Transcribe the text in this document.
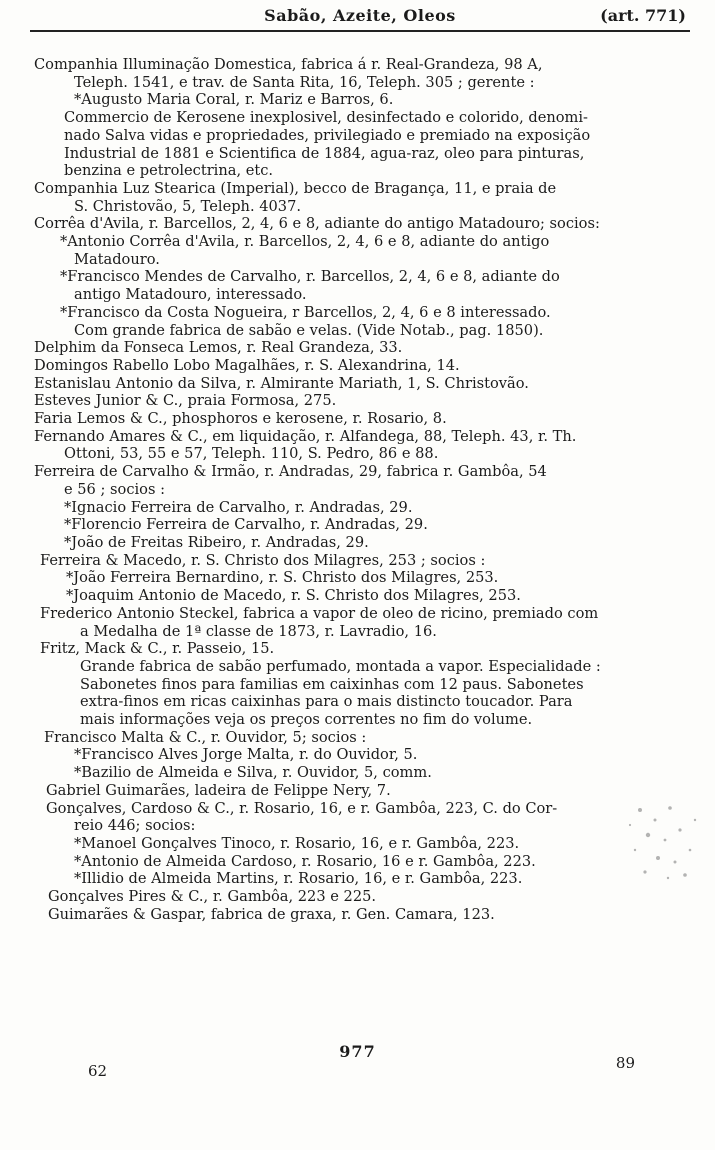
Sabão, Azeite, Oleos	(art. 771)
Companhia Illuminação Domestica, fabrica á r. Real-Grandeza, 98 A,
Teleph. 1541, e trav. de Santa Rita, 16, Teleph. 305 ; gerente :
*Augusto Maria Coral, r. Mariz e Barros, 6.
Commercio de Kerosene inexplosivel, desinfectado e colorido, denomi-
nado Salva vidas e propriedades, privilegiado e premiado na exposição
Industrial de 1881 e Scientifica de 1884, agua-raz, oleo para pinturas,
benzina e petrolectrina, etc.
Companhia Luz Stearica (Imperial), becco de Bragança, 11, e praia de
S. Christovão, 5, Teleph. 4037.
Corrêa d'Avila, r. Barcellos, 2, 4, 6 e 8, adiante do antigo Matadouro; socios:
*Antonio Corrêa d'Avila, r. Barcellos, 2, 4, 6 e 8, adiante do antigo
Matadouro.
*Francisco Mendes de Carvalho, r. Barcellos, 2, 4, 6 e 8, adiante do
antigo Matadouro, interessado.
*Francisco da Costa Nogueira, r Barcellos, 2, 4, 6 e 8 interessado.
Com grande fabrica de sabão e velas. (Vide Notab., pag. 1850).
Delphim da Fonseca Lemos, r. Real Grandeza, 33.
Domingos Rabello Lobo Magalhães, r. S. Alexandrina, 14.
Estanislau Antonio da Silva, r. Almirante Mariath, 1, S. Christovão.
Esteves Junior & C., praia Formosa, 275.
Faria Lemos & C., phosphoros e kerosene, r. Rosario, 8.
Fernando Amares & C., em liquidação, r. Alfandega, 88, Teleph. 43, r. Th.
Ottoni, 53, 55 e 57, Teleph. 110, S. Pedro, 86 e 88.
Ferreira de Carvalho & Irmão, r. Andradas, 29, fabrica r. Gambôa, 54
e 56 ; socios :
*Ignacio Ferreira de Carvalho, r. Andradas, 29.
*Florencio Ferreira de Carvalho, r. Andradas, 29.
*João de Freitas Ribeiro, r. Andradas, 29.
Ferreira & Macedo, r. S. Christo dos Milagres, 253 ; socios :
*João Ferreira Bernardino, r. S. Christo dos Milagres, 253.
*Joaquim Antonio de Macedo, r. S. Christo dos Milagres, 253.
Frederico Antonio Steckel, fabrica a vapor de oleo de ricino, premiado com
a Medalha de 1ª classe de 1873, r. Lavradio, 16.
Fritz, Mack & C., r. Passeio, 15.
Grande fabrica de sabão perfumado, montada a vapor. Especialidade :
Sabonetes finos para familias em caixinhas com 12 paus. Sabonetes
extra-finos em ricas caixinhas para o mais distincto toucador. Para
mais informações veja os preços correntes no fim do volume.
Francisco Malta & C., r. Ouvidor, 5; socios :
*Francisco Alves Jorge Malta, r. do Ouvidor, 5.
*Bazilio de Almeida e Silva, r. Ouvidor, 5, comm.
Gabriel Guimarães, ladeira de Felippe Nery, 7.
Gonçalves, Cardoso & C., r. Rosario, 16, e r. Gambôa, 223, C. do Cor-
reio 446; socios:
*Manoel Gonçalves Tinoco, r. Rosario, 16, e r. Gambôa, 223.
*Antonio de Almeida Cardoso, r. Rosario, 16 e r. Gambôa, 223.
*Illidio de Almeida Martins, r. Rosario, 16, e r. Gambôa, 223.
Gonçalves Pires & C., r. Gambôa, 223 e 225.
Guimarães & Gaspar, fabrica de graxa, r. Gen. Camara, 123.
62
977
89
